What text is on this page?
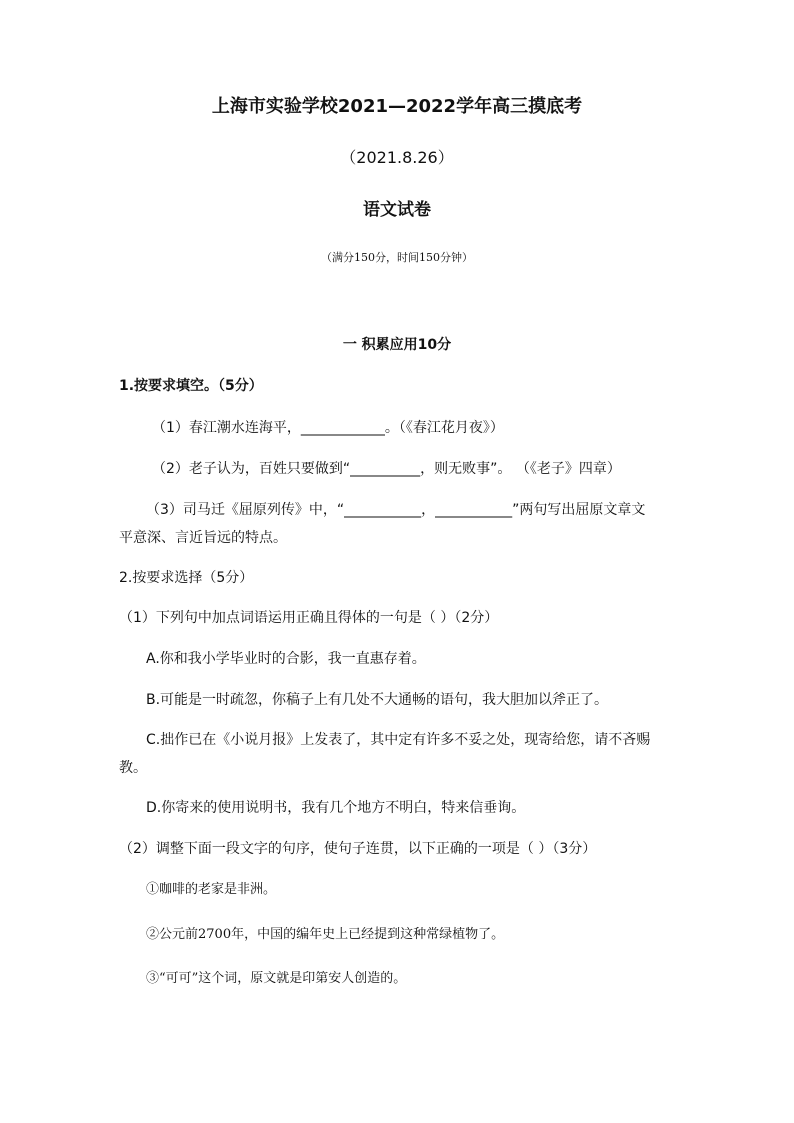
上海市实验学校2021—2022学年高三摸底考
（2021.8.26）
语文试卷
（满分150分，时间150分钟）
一 积累应用10分
1.按要求填空。（5分）
（1）春江潮水连海平，____________。（《春江花月夜》）
（2）老子认为，百姓只要做到“__________，则无败事”。 （《老子》四章）
（3）司马迁《屈原列传》中，“___________，___________”两句写出屈原文章文
平意深、言近旨远的特点。
2.按要求选择（5分）
（1）下列句中加点词语运用正确且得体的一句是（ ）（2分）
A.你和我小学毕业时的合影，我一直惠存着。
B.可能是一时疏忽，你稿子上有几处不大通畅的语句，我大胆加以斧正了。
C.拙作已在《小说月报》上发表了，其中定有许多不妥之处，现寄给您，请不吝赐
教。
D.你寄来的使用说明书，我有几个地方不明白，特来信垂询。
（2）调整下面一段文字的句序，使句子连贯，以下正确的一项是（ ）（3分）
①咖啡的老家是非洲。
②公元前2700年，中国的编年史上已经提到这种常绿植物了。
③“可可”这个词，原文就是印第安人创造的。
